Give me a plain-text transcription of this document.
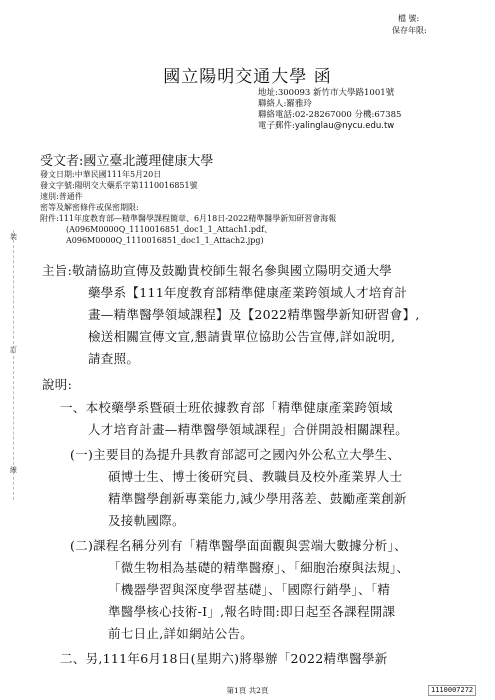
檔 號:
保存年限:
國立陽明交通大學 函
地址:300093 新竹市大學路1001號
聯絡人:羅雅玲
聯絡電話:02-28267000 分機:67385
電子郵件:yalinglau@nycu.edu.tw
受文者:國立臺北護理健康大學
發文日期:中華民國111年5月20日
發文字號:陽明交大藥系字第1110016851號
速別:普通件
密等及解密條件或保密期限:
附件:111年度教育部—精準醫學課程簡章、6月18日-2022精準醫學新知研習會海報
(A096M0000Q_1110016851_doc1_1_Attach1.pdf、
A096M0000Q_1110016851_doc1_1_Attach2.jpg)
裝
訂
線
主旨:敬請協助宣傳及鼓勵貴校師生報名參與國立陽明交通大學
藥學系【111年度教育部精準健康產業跨領域人才培育計
畫—精準醫學領域課程】及【2022精準醫學新知研習會】,
檢送相關宣傳文宣,懇請貴單位協助公告宣傳,詳如說明,
請查照。
說明:
一、本校藥學系暨碩士班依據教育部「精準健康產業跨領域
人才培育計畫—精準醫學領域課程」合併開設相關課程。
(一)主要目的為提升具教育部認可之國內外公私立大學生、
碩博士生、博士後研究員、教職員及校外產業界人士
精準醫學創新專業能力,減少學用落差、鼓勵產業創新
及接軌國際。
(二)課程名稱分列有「精準醫學面面觀與雲端大數據分析」、
「微生物相為基礎的精準醫療」、「細胞治療與法規」、
「機器學習與深度學習基礎」、「國際行銷學」、「精
準醫學核心技術-I」,報名時間:即日起至各課程開課
前七日止,詳如網站公告。
二、另,111年6月18日(星期六)將舉辦「2022精準醫學新
第1頁 共2頁	1110007272
